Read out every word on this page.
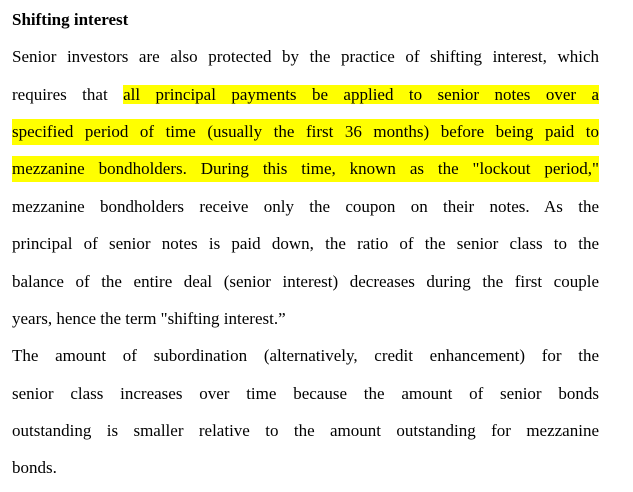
Shifting interest
Senior investors are also protected by the practice of shifting interest, which
requires that all principal payments be applied to senior notes over a
specified period of time (usually the first 36 months) before being paid to
mezzanine bondholders. During this time, known as the "lockout period,"
mezzanine bondholders receive only the coupon on their notes. As the
principal of senior notes is paid down, the ratio of the senior class to the
balance of the entire deal (senior interest) decreases during the first couple
years, hence the term "shifting interest.”
The amount of subordination (alternatively, credit enhancement) for the
senior class increases over time because the amount of senior bonds
outstanding is smaller relative to the amount outstanding for mezzanine
bonds.
